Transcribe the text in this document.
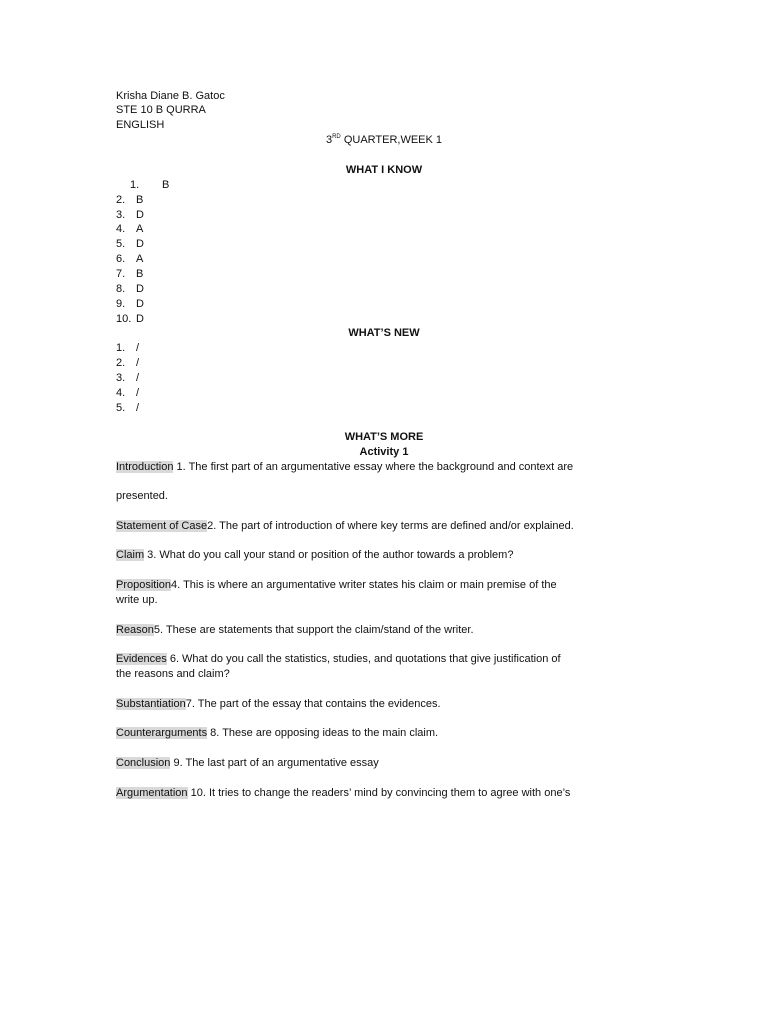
Krisha Diane B. Gatoc
STE 10 B QURRA
ENGLISH
3RD QUARTER,WEEK 1
WHAT I KNOW
1. B
2. B
3. D
4. A
5. D
6. A
7. B
8. D
9. D
10. D
WHAT’S NEW
1. /
2. /
3. /
4. /
5. /
WHAT’S MORE
Activity 1
Introduction 1. The first part of an argumentative essay where the background and context are
presented.
Statement of Case2. The part of introduction of where key terms are defined and/or explained.
Claim 3. What do you call your stand or position of the author towards a problem?
Proposition4. This is where an argumentative writer states his claim or main premise of the
write up.
Reason5. These are statements that support the claim/stand of the writer.
Evidences 6. What do you call the statistics, studies, and quotations that give justification of
the reasons and claim?
Substantiation7. The part of the essay that contains the evidences.
Counterarguments 8. These are opposing ideas to the main claim.
Conclusion 9. The last part of an argumentative essay
Argumentation 10. It tries to change the readers’ mind by convincing them to agree with one’s
